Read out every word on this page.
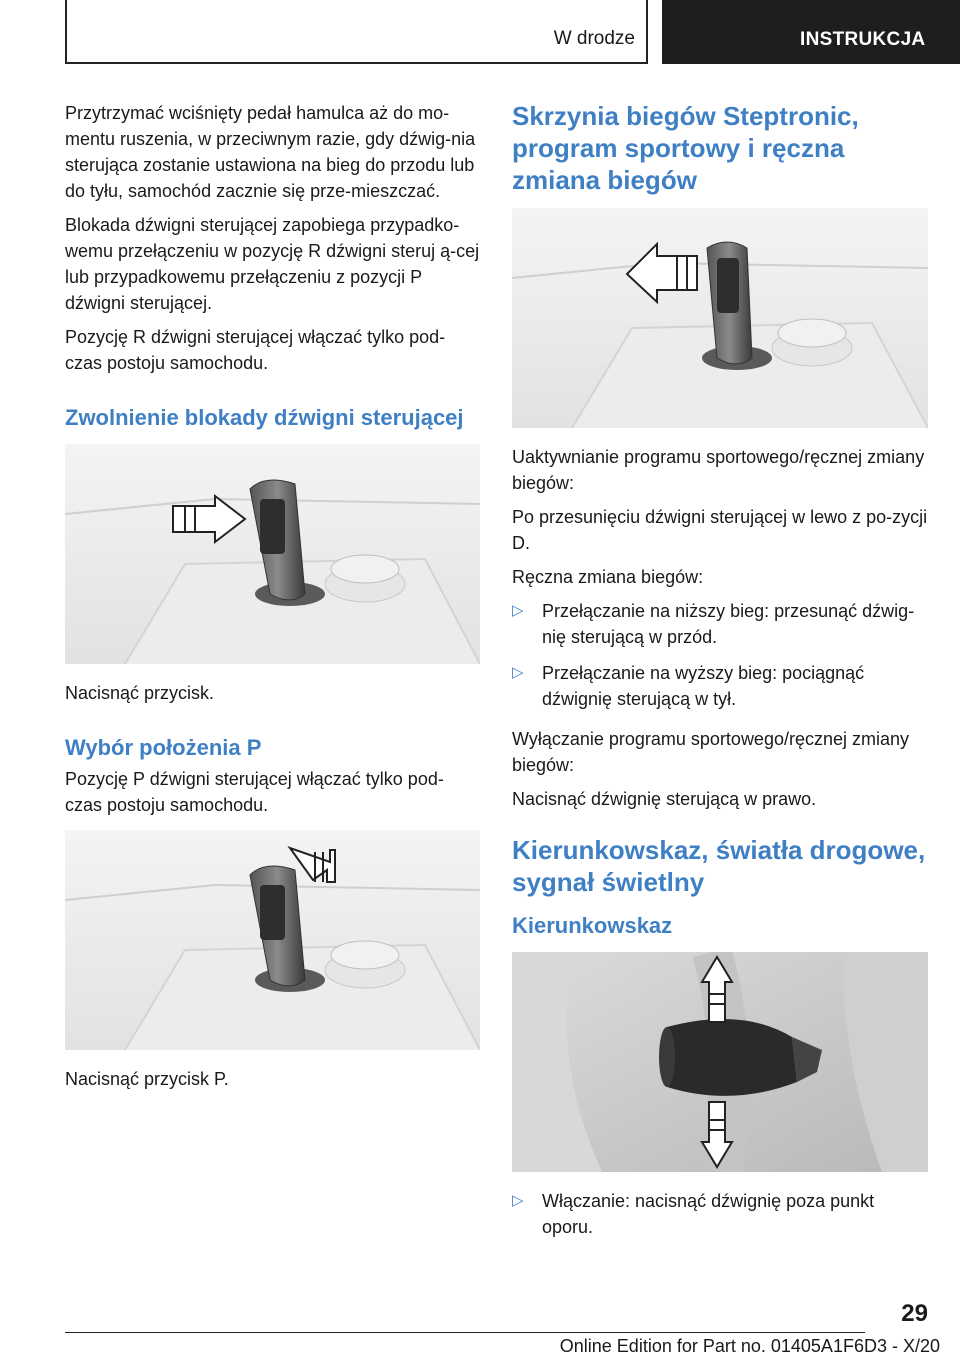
W drodze	INSTRUKCJA

Przytrzymać wciśnięty pedał hamulca aż do mo-mentu ruszenia, w przeciwnym razie, gdy dźwig-nia sterująca zostanie ustawiona na bieg do przodu lub do tyłu, samochód zacznie się prze-mieszczać.

Blokada dźwigni sterującej zapobiega przypadko-wemu przełączeniu w pozycję R dźwigni steruj ą-cej lub przypadkowemu przełączeniu z pozycji P dźwigni sterującej.

Pozycję R dźwigni sterującej włączać tylko pod-czas postoju samochodu.

Zwolnienie blokady dźwigni sterującej

Nacisnąć przycisk.

Wybór położenia P

Pozycję P dźwigni sterującej włączać tylko pod-czas postoju samochodu.

Nacisnąć przycisk P.

Skrzynia biegów Steptronic, program sportowy i ręczna zmiana biegów

Uaktywnianie programu sportowego/ręcznej zmiany biegów:

Po przesunięciu dźwigni sterującej w lewo z po-zycji D.

Ręczna zmiana biegów:

▷ Przełączanie na niższy bieg: przesunąć dźwig-nię sterującą w przód.
▷ Przełączanie na wyższy bieg: pociągnąć dźwignię sterującą w tył.

Wyłączanie programu sportowego/ręcznej zmiany biegów:

Nacisnąć dźwignię sterującą w prawo.

Kierunkowskaz, światła drogowe, sygnał świetlny
Kierunkowskaz
▷ Włączanie: nacisnąć dźwignię poza punkt oporu.
29
Online Edition for Part no. 01405A1F6D3 - X/20
